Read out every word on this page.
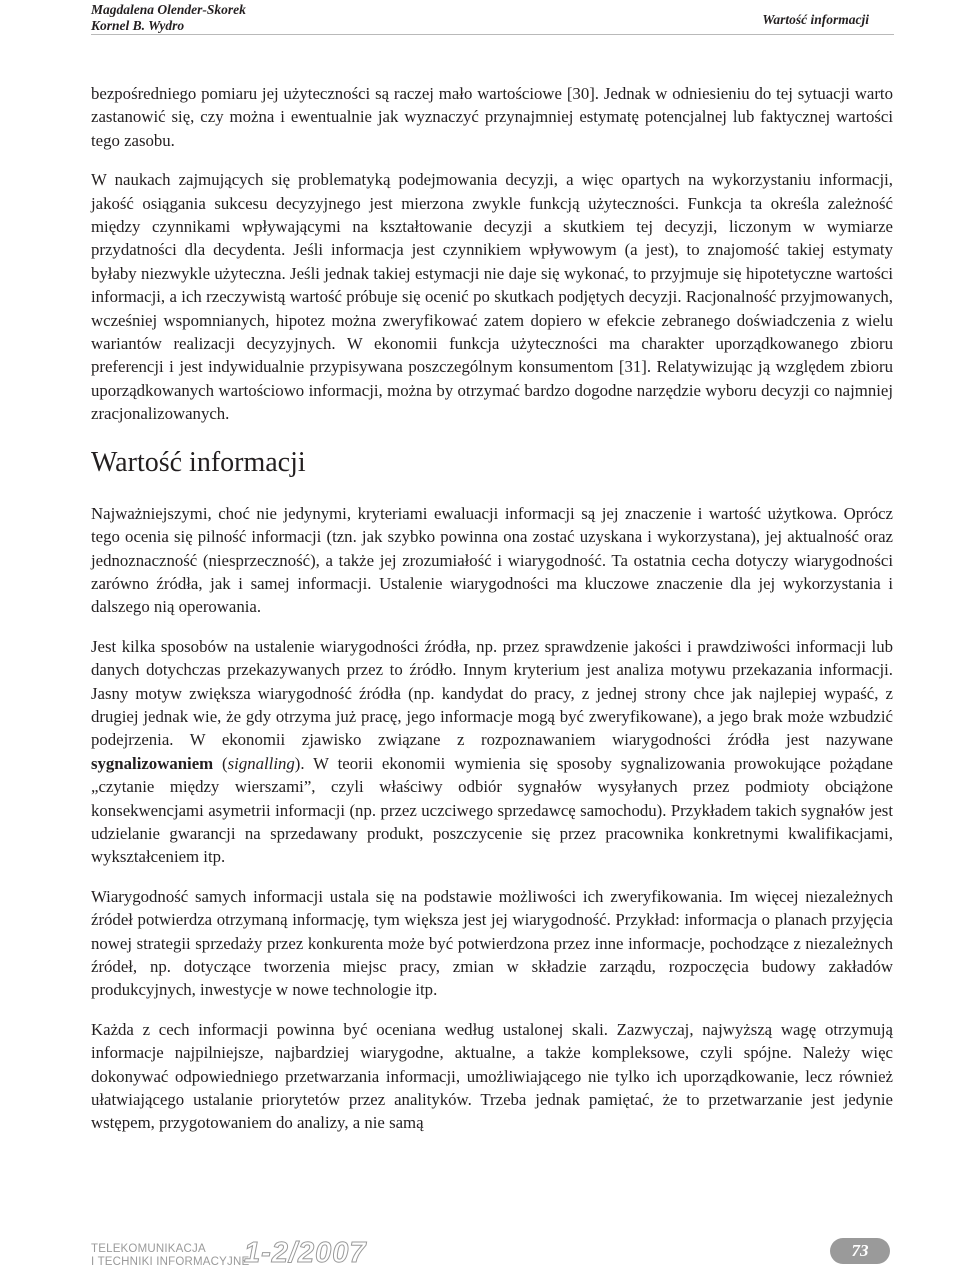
Magdalena Olender-Skorek
Kornel B. Wydro	Wartość informacji

bezpośredniego pomiaru jej użyteczności są raczej mało wartościowe [30]. Jednak w odniesieniu do tej sytuacji warto zastanowić się, czy można i ewentualnie jak wyznaczyć przynajmniej estymatę potencjalnej lub faktycznej wartości tego zasobu.

W naukach zajmujących się problematyką podejmowania decyzji, a więc opartych na wykorzystaniu informacji, jakość osiągania sukcesu decyzyjnego jest mierzona zwykle funkcją użyteczności. Funkcja ta określa zależność między czynnikami wpływającymi na kształtowanie decyzji a skutkiem tej decyzji, liczonym w wymiarze przydatności dla decydenta. Jeśli informacja jest czynnikiem wpływowym (a jest), to znajomość takiej estymaty byłaby niezwykle użyteczna. Jeśli jednak takiej estymacji nie daje się wykonać, to przyjmuje się hipotetyczne wartości informacji, a ich rzeczywistą wartość próbuje się ocenić po skutkach podjętych decyzji. Racjonalność przyjmowanych, wcześniej wspomnianych, hipotez można zweryfikować zatem dopiero w efekcie zebranego doświadczenia z wielu wariantów realizacji decyzyjnych. W ekonomii funkcja użyteczności ma charakter uporządkowanego zbioru preferencji i jest indywidualnie przypisywana poszczególnym konsumentom [31]. Relatywizując ją względem zbioru uporządkowanych wartościowo informacji, można by otrzymać bardzo dogodne narzędzie wyboru decyzji co najmniej zracjonalizowanych.

Wartość informacji

Najważniejszymi, choć nie jedynymi, kryteriami ewaluacji informacji są jej znaczenie i wartość użytkowa. Oprócz tego ocenia się pilność informacji (tzn. jak szybko powinna ona zostać uzyskana i wykorzystana), jej aktualność oraz jednoznaczność (niesprzeczność), a także jej zrozumiałość i wiarygodność. Ta ostatnia cecha dotyczy wiarygodności zarówno źródła, jak i samej informacji. Ustalenie wiarygodności ma kluczowe znaczenie dla jej wykorzystania i dalszego nią operowania.

Jest kilka sposobów na ustalenie wiarygodności źródła, np. przez sprawdzenie jakości i prawdziwości informacji lub danych dotychczas przekazywanych przez to źródło. Innym kryterium jest analiza motywu przekazania informacji. Jasny motyw zwiększa wiarygodność źródła (np. kandydat do pracy, z jednej strony chce jak najlepiej wypaść, z drugiej jednak wie, że gdy otrzyma już pracę, jego informacje mogą być zweryfikowane), a jego brak może wzbudzić podejrzenia. W ekonomii zjawisko związane z rozpoznawaniem wiarygodności źródła jest nazywane sygnalizowaniem (signalling). W teorii ekonomii wymienia się sposoby sygnalizowania prowokujące pożądane „czytanie między wierszami”, czyli właściwy odbiór sygnałów wysyłanych przez podmioty obciążone konsekwencjami asymetrii informacji (np. przez uczciwego sprzedawcę samochodu). Przykładem takich sygnałów jest udzielanie gwarancji na sprzedawany produkt, poszczycenie się przez pracownika konkretnymi kwalifikacjami, wykształceniem itp.

Wiarygodność samych informacji ustala się na podstawie możliwości ich zweryfikowania. Im więcej niezależnych źródeł potwierdza otrzymaną informację, tym większa jest jej wiarygodność. Przykład: informacja o planach przyjęcia nowej strategii sprzedaży przez konkurenta może być potwierdzona przez inne informacje, pochodzące z niezależnych źródeł, np. dotyczące tworzenia miejsc pracy, zmian w składzie zarządu, rozpoczęcia budowy zakładów produkcyjnych, inwestycje w nowe technologie itp.

Każda z cech informacji powinna być oceniana według ustalonej skali. Zazwyczaj, najwyższą wagę otrzymują informacje najpilniejsze, najbardziej wiarygodne, aktualne, a także kompleksowe, czyli spójne. Należy więc dokonywać odpowiedniego przetwarzania informacji, umożliwiającego nie tylko ich uporządkowanie, lecz również ułatwiającego ustalanie priorytetów przez analityków. Trzeba jednak pamiętać, że to przetwarzanie jest jedynie wstępem, przygotowaniem do analizy, a nie samą

TELEKOMUNIKACJA
I TECHNIKI INFORMACYJNE
1-2/2007	73
